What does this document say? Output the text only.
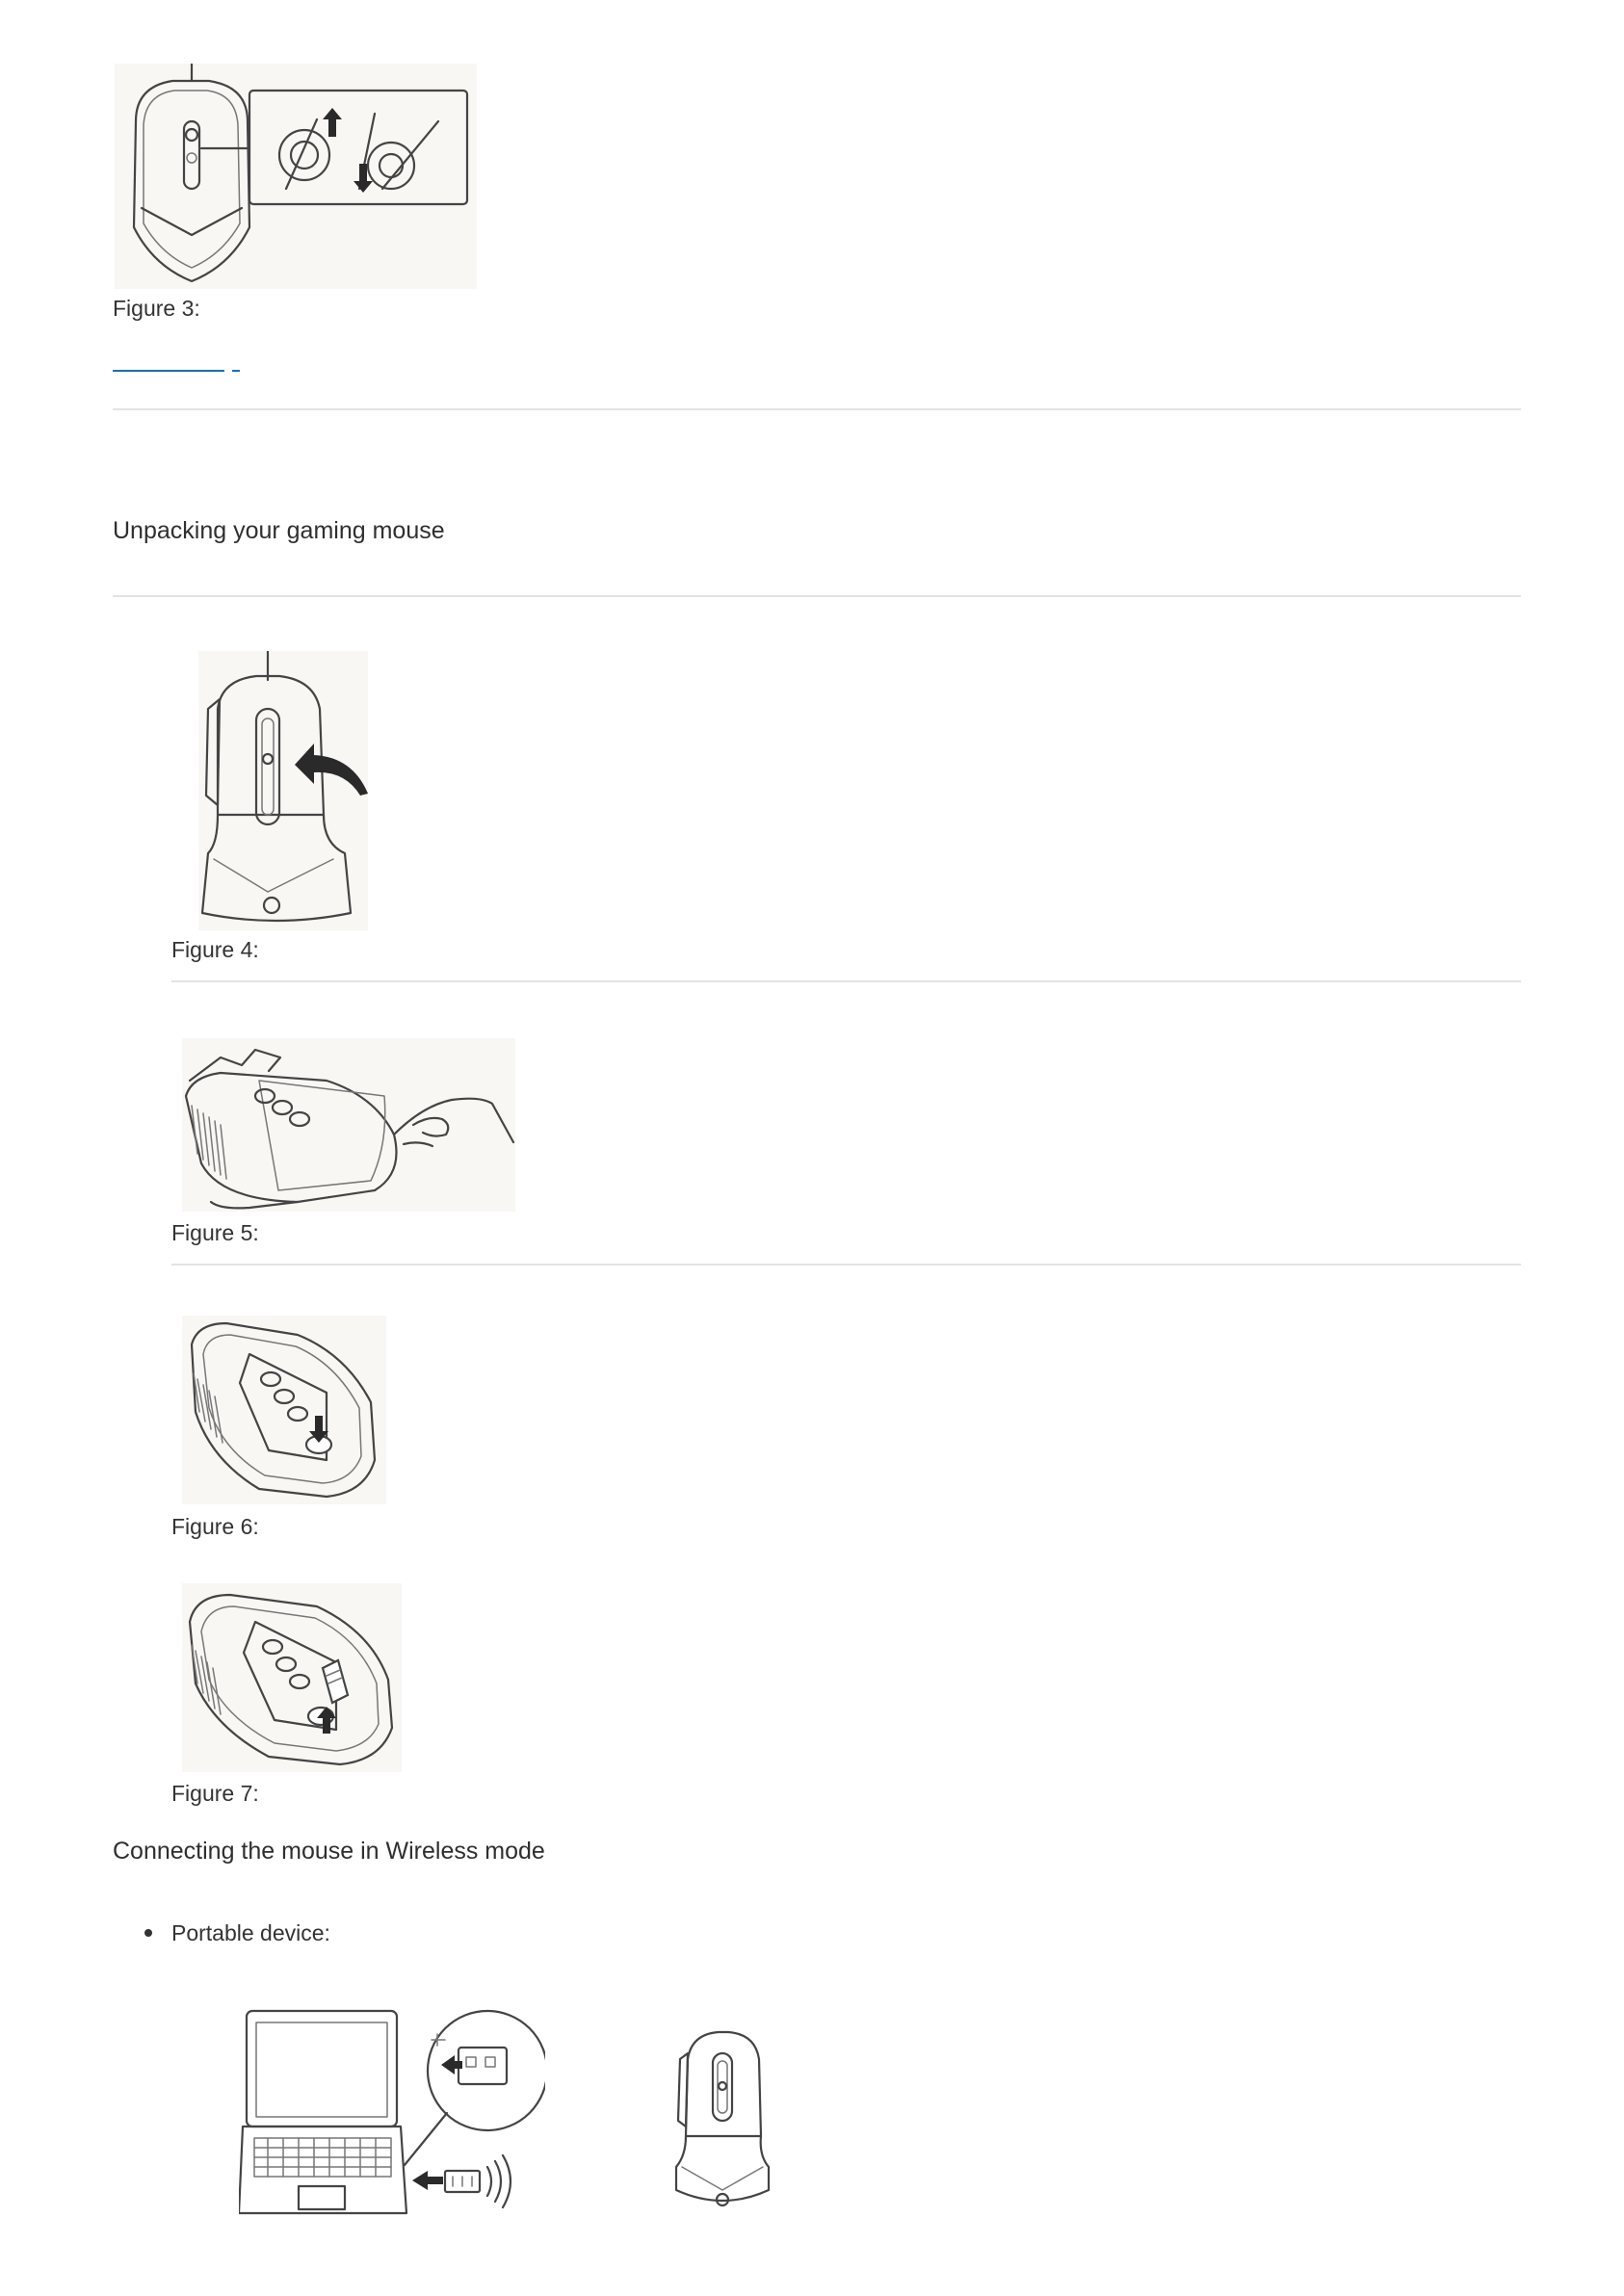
Figure 3:
Unpacking your gaming mouse
Figure 4:
Figure 5:
Figure 6:
Figure 7:
Connecting the mouse in Wireless mode
Portable device:
